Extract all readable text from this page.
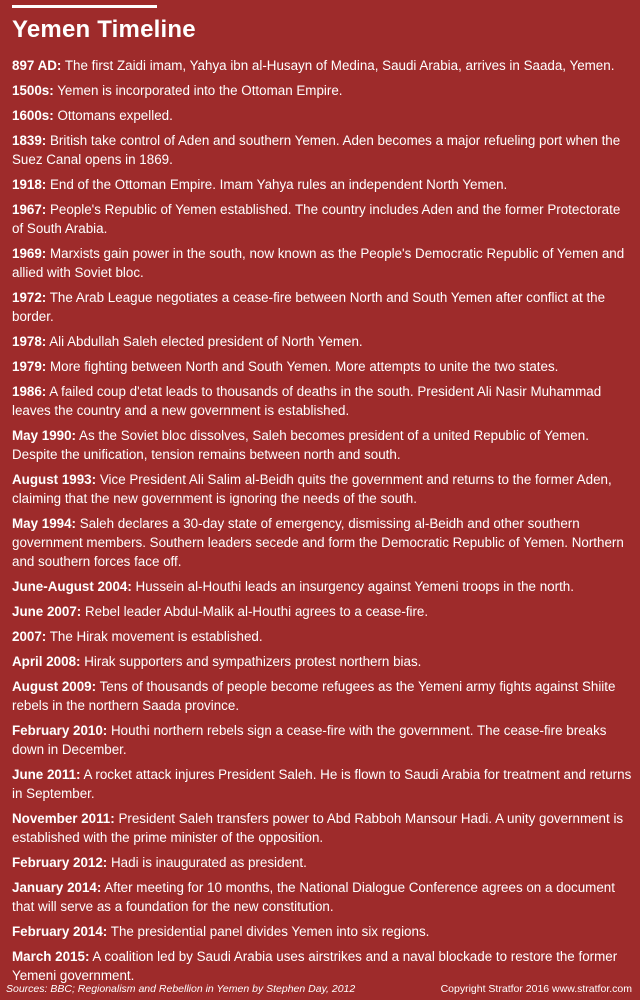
Yemen Timeline
897 AD: The first Zaidi imam, Yahya ibn al-Husayn of Medina, Saudi Arabia, arrives in Saada, Yemen.
1500s: Yemen is incorporated into the Ottoman Empire.
1600s: Ottomans expelled.
1839: British take control of Aden and southern Yemen. Aden becomes a major refueling port when the Suez Canal opens in 1869.
1918: End of the Ottoman Empire. Imam Yahya rules an independent North Yemen.
1967: People's Republic of Yemen established. The country includes Aden and the former Protectorate of South Arabia.
1969: Marxists gain power in the south, now known as the People's Democratic Republic of Yemen and allied with Soviet bloc.
1972: The Arab League negotiates a cease-fire between North and South Yemen after conflict at the border.
1978: Ali Abdullah Saleh elected president of North Yemen.
1979: More fighting between North and South Yemen. More attempts to unite the two states.
1986: A failed coup d'etat leads to thousands of deaths in the south. President Ali Nasir Muhammad leaves the country and a new government is established.
May 1990: As the Soviet bloc dissolves, Saleh becomes president of a united Republic of Yemen. Despite the unification, tension remains between north and south.
August 1993: Vice President Ali Salim al-Beidh quits the government and returns to the former Aden, claiming that the new government is ignoring the needs of the south.
May 1994: Saleh declares a 30-day state of emergency, dismissing al-Beidh and other southern government members. Southern leaders secede and form the Democratic Republic of Yemen. Northern and southern forces face off.
June-August 2004: Hussein al-Houthi leads an insurgency against Yemeni troops in the north.
June 2007: Rebel leader Abdul-Malik al-Houthi agrees to a cease-fire.
2007: The Hirak movement is established.
April 2008: Hirak supporters and sympathizers protest northern bias.
August 2009: Tens of thousands of people become refugees as the Yemeni army fights against Shiite rebels in the northern Saada province.
February 2010: Houthi northern rebels sign a cease-fire with the government. The cease-fire breaks down in December.
June 2011: A rocket attack injures President Saleh. He is flown to Saudi Arabia for treatment and returns in September.
November 2011: President Saleh transfers power to Abd Rabboh Mansour Hadi. A unity government is established with the prime minister of the opposition.
February 2012: Hadi is inaugurated as president.
January 2014: After meeting for 10 months, the National Dialogue Conference agrees on a document that will serve as a foundation for the new constitution.
February 2014: The presidential panel divides Yemen into six regions.
March 2015: A coalition led by Saudi Arabia uses airstrikes and a naval blockade to restore the former Yemeni government.
Sources: BBC; Regionalism and Rebellion in Yemen by Stephen Day, 2012	Copyright Stratfor 2016 www.stratfor.com
